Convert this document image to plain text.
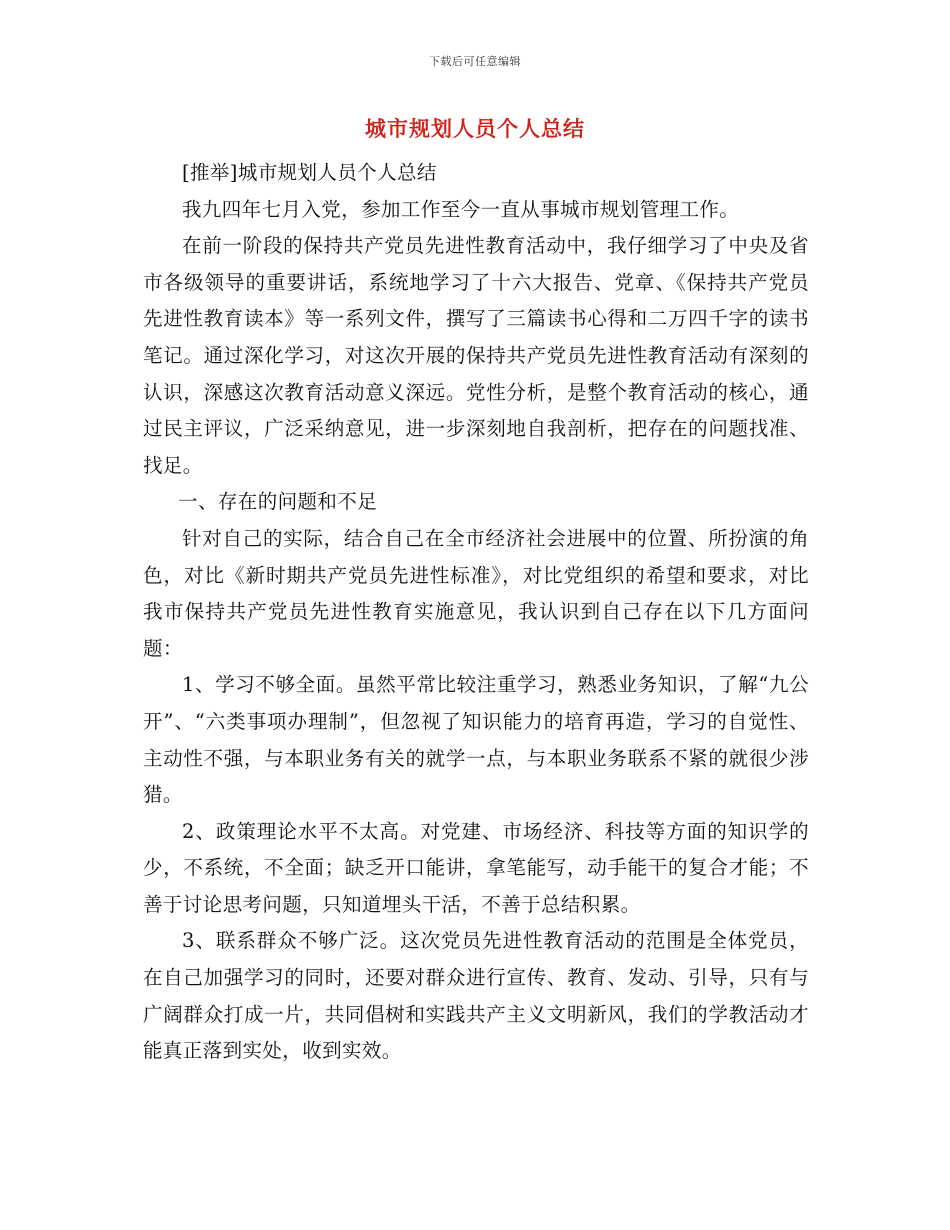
下载后可任意编辑
城市规划人员个人总结

[推举]城市规划人员个人总结

我九四年七月入党，参加工作至今一直从事城市规划管理工作。

在前一阶段的保持共产党员先进性教育活动中，我仔细学习了中央及省市各级领导的重要讲话，系统地学习了十六大报告、党章、《保持共产党员先进性教育读本》等一系列文件，撰写了三篇读书心得和二万四千字的读书笔记。通过深化学习，对这次开展的保持共产党员先进性教育活动有深刻的认识，深感这次教育活动意义深远。党性分析，是整个教育活动的核心，通过民主评议，广泛采纳意见，进一步深刻地自我剖析，把存在的问题找准、找足。

一、存在的问题和不足

针对自己的实际，结合自己在全市经济社会进展中的位置、所扮演的角色，对比《新时期共产党员先进性标准》，对比党组织的希望和要求，对比我市保持共产党员先进性教育实施意见，我认识到自己存在以下几方面问题：

1、学习不够全面。虽然平常比较注重学习，熟悉业务知识，了解“九公开”、“六类事项办理制”，但忽视了知识能力的培育再造，学习的自觉性、主动性不强，与本职业务有关的就学一点，与本职业务联系不紧的就很少涉猎。

2、政策理论水平不太高。对党建、市场经济、科技等方面的知识学的少，不系统，不全面；缺乏开口能讲，拿笔能写，动手能干的复合才能；不善于讨论思考问题，只知道埋头干活，不善于总结积累。

3、联系群众不够广泛。这次党员先进性教育活动的范围是全体党员，在自己加强学习的同时，还要对群众进行宣传、教育、发动、引导，只有与广阔群众打成一片，共同倡树和实践共产主义文明新风，我们的学教活动才能真正落到实处，收到实效。
